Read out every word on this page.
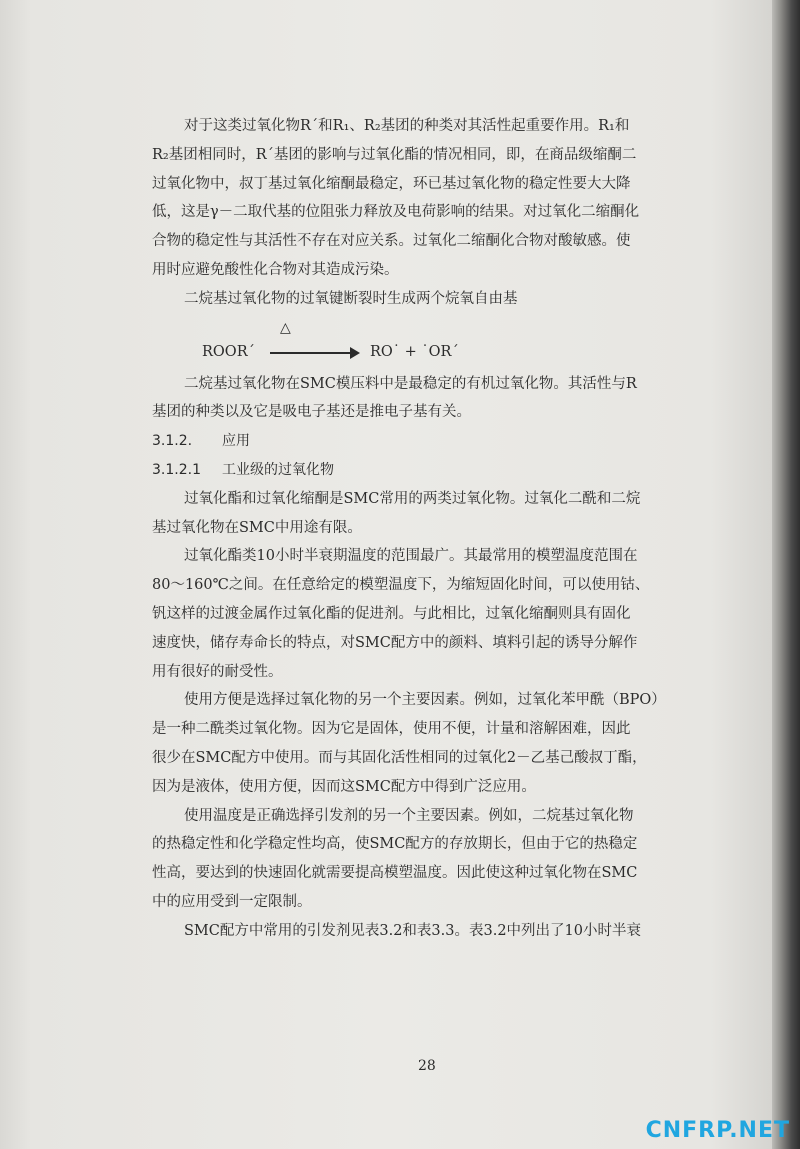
对于这类过氧化物R´和R₁、R₂基团的种类对其活性起重要作用。R₁和
R₂基团相同时，R´基团的影响与过氧化酯的情况相同，即，在商品级缩酮二
过氧化物中，叔丁基过氧化缩酮最稳定，环已基过氧化物的稳定性要大大降
低，这是γ－二取代基的位阻张力释放及电荷影响的结果。对过氧化二缩酮化
合物的稳定性与其活性不存在对应关系。过氧化二缩酮化合物对酸敏感。使
用时应避免酸性化合物对其造成污染。
二烷基过氧化物的过氧键断裂时生成两个烷氧自由基
△
ROOR´	RO˙ + ˙OR´
二烷基过氧化物在SMC模压料中是最稳定的有机过氧化物。其活性与R
基团的种类以及它是吸电子基还是推电子基有关。
3.1.2. 应用
3.1.2.1 工业级的过氧化物
过氧化酯和过氧化缩酮是SMC常用的两类过氧化物。过氧化二酰和二烷
基过氧化物在SMC中用途有限。
过氧化酯类10小时半衰期温度的范围最广。其最常用的模塑温度范围在
80～160℃之间。在任意给定的模塑温度下，为缩短固化时间，可以使用钴、
钒这样的过渡金属作过氧化酯的促进剂。与此相比，过氧化缩酮则具有固化
速度快，储存寿命长的特点，对SMC配方中的颜料、填料引起的诱导分解作
用有很好的耐受性。
使用方便是选择过氧化物的另一个主要因素。例如，过氧化苯甲酰（BPO）
是一种二酰类过氧化物。因为它是固体，使用不便，计量和溶解困难，因此
很少在SMC配方中使用。而与其固化活性相同的过氧化2－乙基己酸叔丁酯，
因为是液体，使用方便，因而这SMC配方中得到广泛应用。
使用温度是正确选择引发剂的另一个主要因素。例如，二烷基过氧化物
的热稳定性和化学稳定性均高，使SMC配方的存放期长，但由于它的热稳定
性高，要达到的快速固化就需要提高模塑温度。因此使这种过氧化物在SMC
中的应用受到一定限制。
SMC配方中常用的引发剂见表3.2和表3.3。表3.2中列出了10小时半衰
28
CNFRP.NET
